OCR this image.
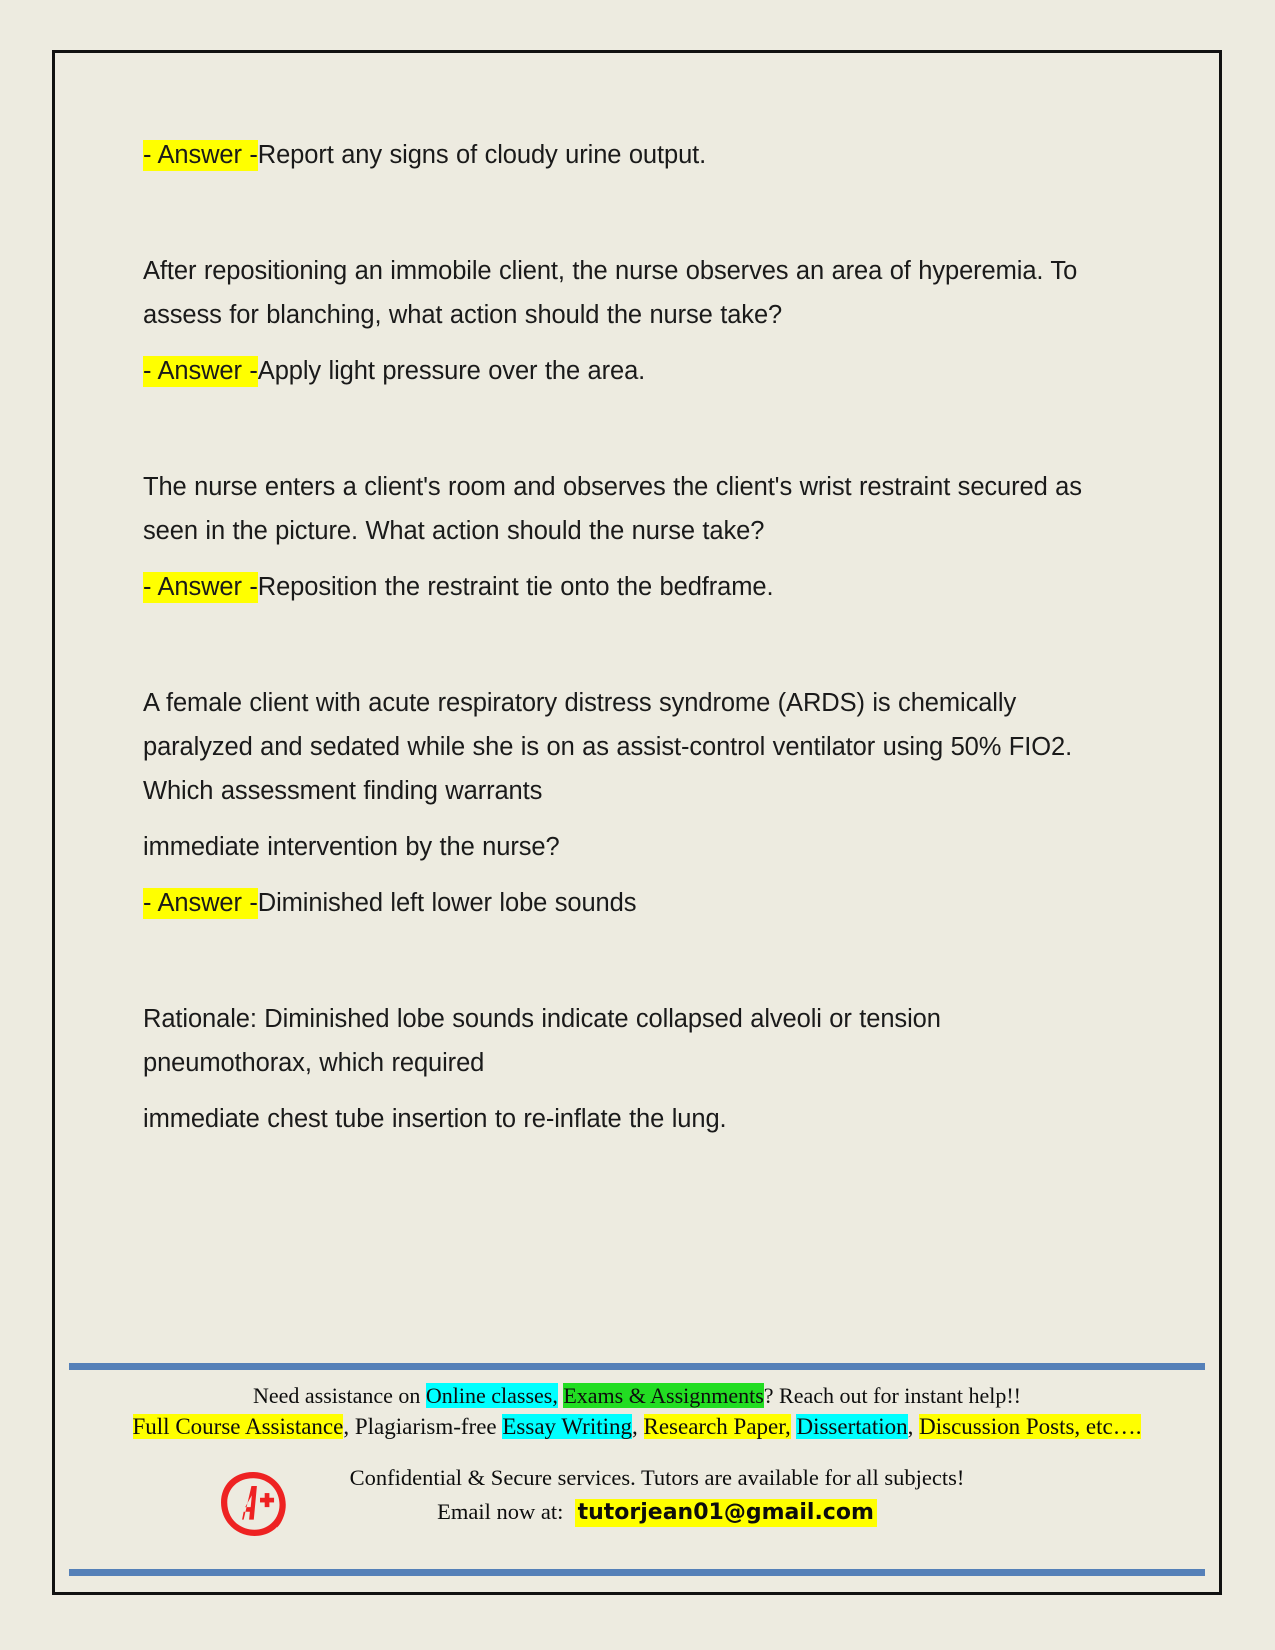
- Answer -Report any signs of cloudy urine output.

After repositioning an immobile client, the nurse observes an area of hyperemia. To assess for blanching, what action should the nurse take?

- Answer -Apply light pressure over the area.

The nurse enters a client's room and observes the client's wrist restraint secured as seen in the picture. What action should the nurse take?

- Answer -Reposition the restraint tie onto the bedframe.

A female client with acute respiratory distress syndrome (ARDS) is chemically paralyzed and sedated while she is on as assist-control ventilator using 50% FIO2. Which assessment finding warrants

immediate intervention by the nurse?

- Answer -Diminished left lower lobe sounds

Rationale: Diminished lobe sounds indicate collapsed alveoli or tension pneumothorax, which required

immediate chest tube insertion to re-inflate the lung.

Need assistance on Online classes, Exams & Assignments? Reach out for instant help!!

Full Course Assistance, Plagiarism-free Essay Writing, Research Paper, Dissertation, Discussion Posts, etc….

Confidential & Secure services. Tutors are available for all subjects!

Email now at: tutorjean01@gmail.com
